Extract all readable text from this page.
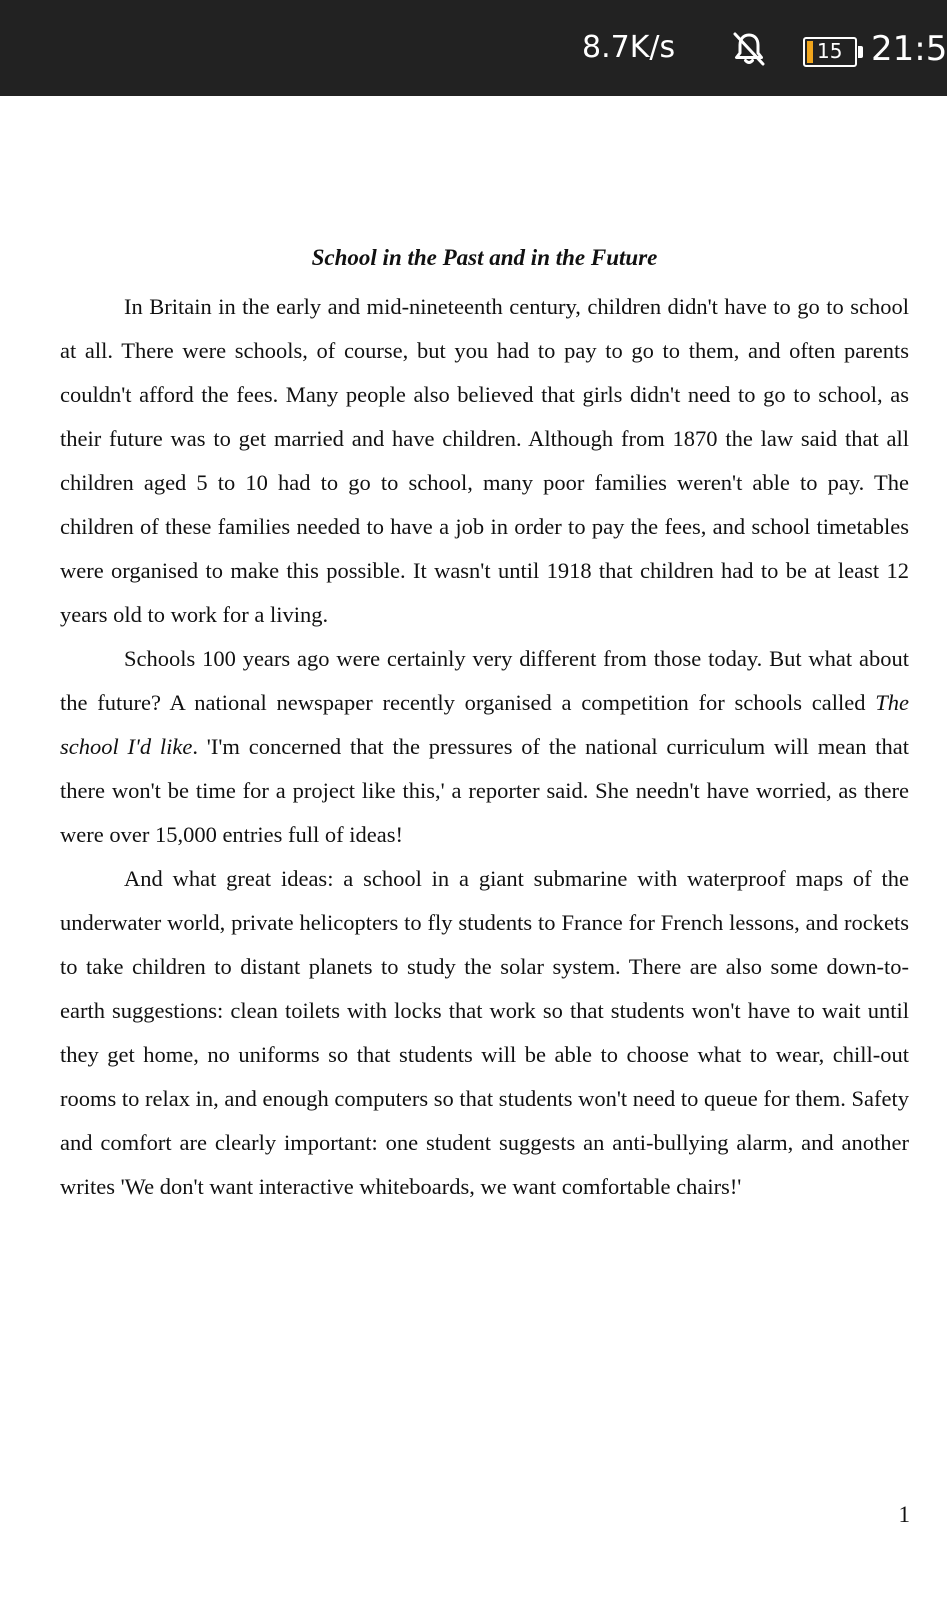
8.7K/s	15 21:5
School in the Past and in the Future

In Britain in the early and mid-nineteenth century, children didn't have to go to school at all. There were schools, of course, but you had to pay to go to them, and often parents couldn't afford the fees. Many people also believed that girls didn't need to go to school, as their future was to get married and have children. Although from 1870 the law said that all children aged 5 to 10 had to go to school, many poor families weren't able to pay. The children of these families needed to have a job in order to pay the fees, and school timetables were organised to make this possible. It wasn't until 1918 that children had to be at least 12 years old to work for a living.

Schools 100 years ago were certainly very different from those today. But what about the future? A national newspaper recently organised a competition for schools called The school I'd like. 'I'm concerned that the pressures of the national curriculum will mean that there won't be time for a project like this,' a reporter said. She needn't have worried, as there were over 15,000 entries full of ideas!

And what great ideas: a school in a giant submarine with waterproof maps of the underwater world, private helicopters to fly students to France for French lessons, and rockets to take children to distant planets to study the solar system. There are also some down-to-earth suggestions: clean toilets with locks that work so that students won't have to wait until they get home, no uniforms so that students will be able to choose what to wear, chill-out rooms to relax in, and enough computers so that students won't need to queue for them. Safety and comfort are clearly important: one student suggests an anti-bullying alarm, and another writes 'We don't want interactive whiteboards, we want comfortable chairs!'

1
